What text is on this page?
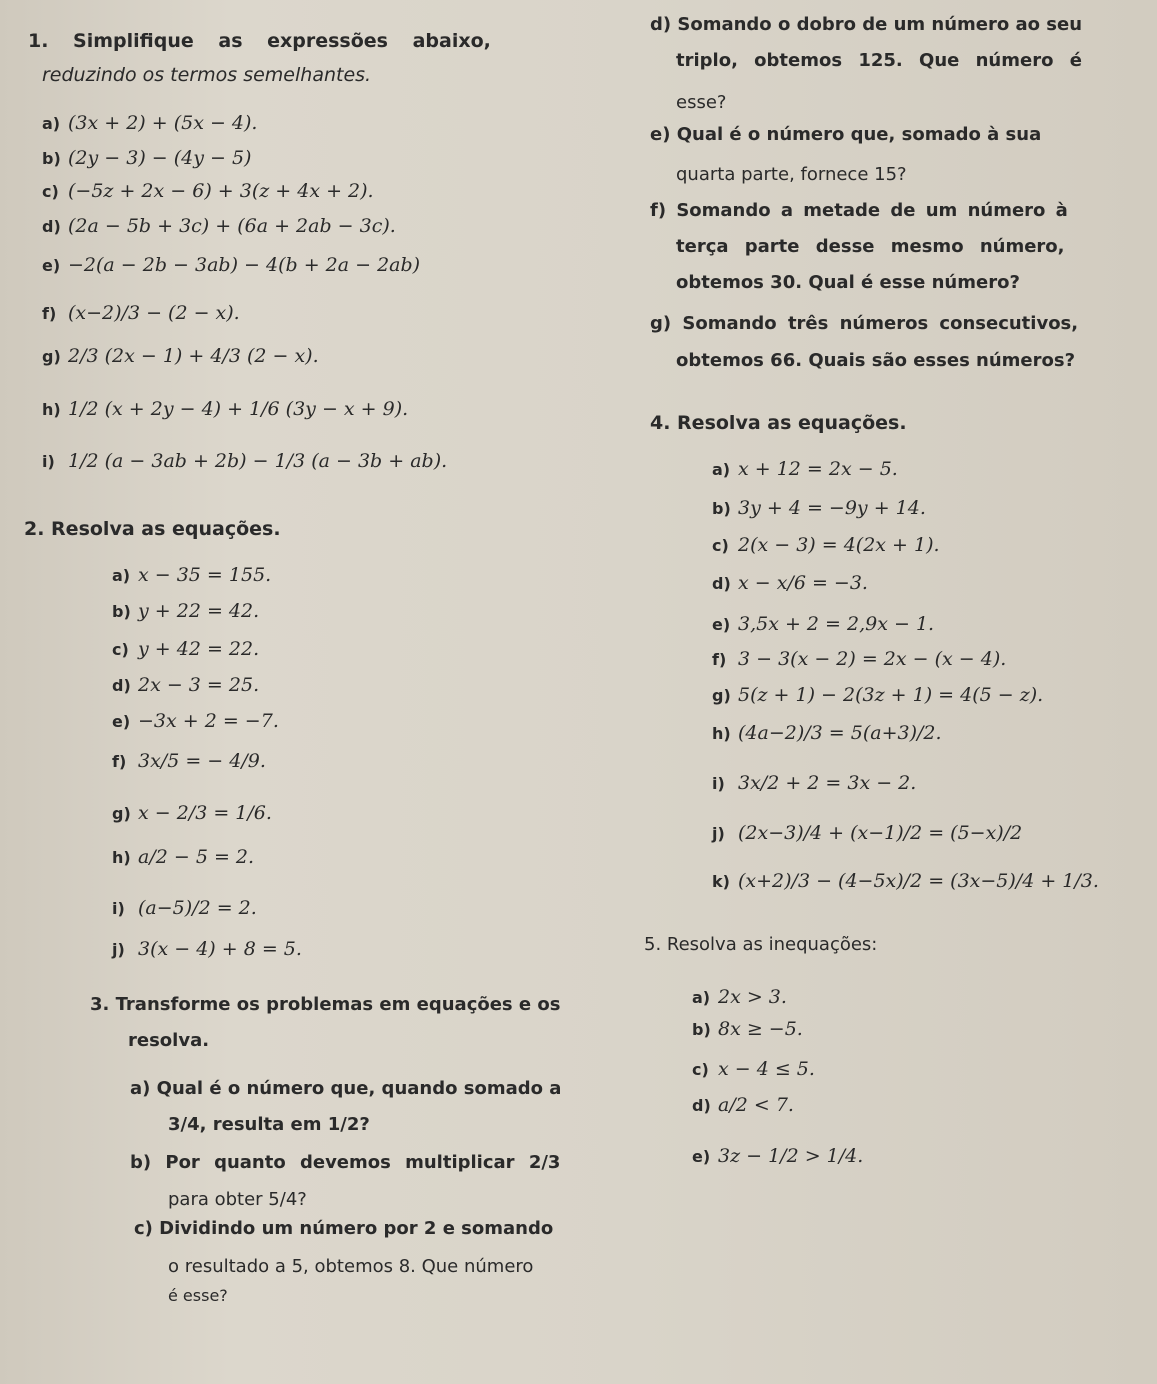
1. Simplifique as expressões abaixo,
reduzindo os termos semelhantes.
a) (3x + 2) + (5x − 4).
b) (2y − 3) − (4y − 5)
c) (−5z + 2x − 6) + 3(z + 4x + 2).
d) (2a − 5b + 3c) + (6a + 2ab − 3c).
e) −2(a − 2b − 3ab) − 4(b + 2a − 2ab)
f) (x−2)/3 − (2 − x).
g) 2/3 (2x − 1) + 4/3 (2 − x).
h) 1/2 (x + 2y − 4) + 1/6 (3y − x + 9).
i) 1/2 (a − 3ab + 2b) − 1/3 (a − 3b + ab).
2. Resolva as equações.
a) x − 35 = 155.
b) y + 22 = 42.
c) y + 42 = 22.
d) 2x − 3 = 25.
e) −3x + 2 = −7.
f) 3x/5 = − 4/9.
g) x − 2/3 = 1/6.
h) a/2 − 5 = 2.
i) (a−5)/2 = 2.
j) 3(x − 4) + 8 = 5.
3. Transforme os problemas em equações e os
resolva.
a) Qual é o número que, quando somado a
3/4, resulta em 1/2?
b) Por quanto devemos multiplicar 2/3
para obter 5/4?
c) Dividindo um número por 2 e somando
o resultado a 5, obtemos 8. Que número
é esse?
d) Somando o dobro de um número ao seu
triplo, obtemos 125. Que número é
esse?
e) Qual é o número que, somado à sua
quarta parte, fornece 15?
f) Somando a metade de um número à
terça parte desse mesmo número,
obtemos 30. Qual é esse número?
g) Somando três números consecutivos,
obtemos 66. Quais são esses números?
4. Resolva as equações.
a) x + 12 = 2x − 5.
b) 3y + 4 = −9y + 14.
c) 2(x − 3) = 4(2x + 1).
d) x − x/6 = −3.
e) 3,5x + 2 = 2,9x − 1.
f) 3 − 3(x − 2) = 2x − (x − 4).
g) 5(z + 1) − 2(3z + 1) = 4(5 − z).
h) (4a−2)/3 = 5(a+3)/2.
i) 3x/2 + 2 = 3x − 2.
j) (2x−3)/4 + (x−1)/2 = (5−x)/2
k) (x+2)/3 − (4−5x)/2 = (3x−5)/4 + 1/3.
5. Resolva as inequações:
a) 2x > 3.
b) 8x ≥ −5.
c) x − 4 ≤ 5.
d) a/2 < 7.
e) 3z − 1/2 > 1/4.
